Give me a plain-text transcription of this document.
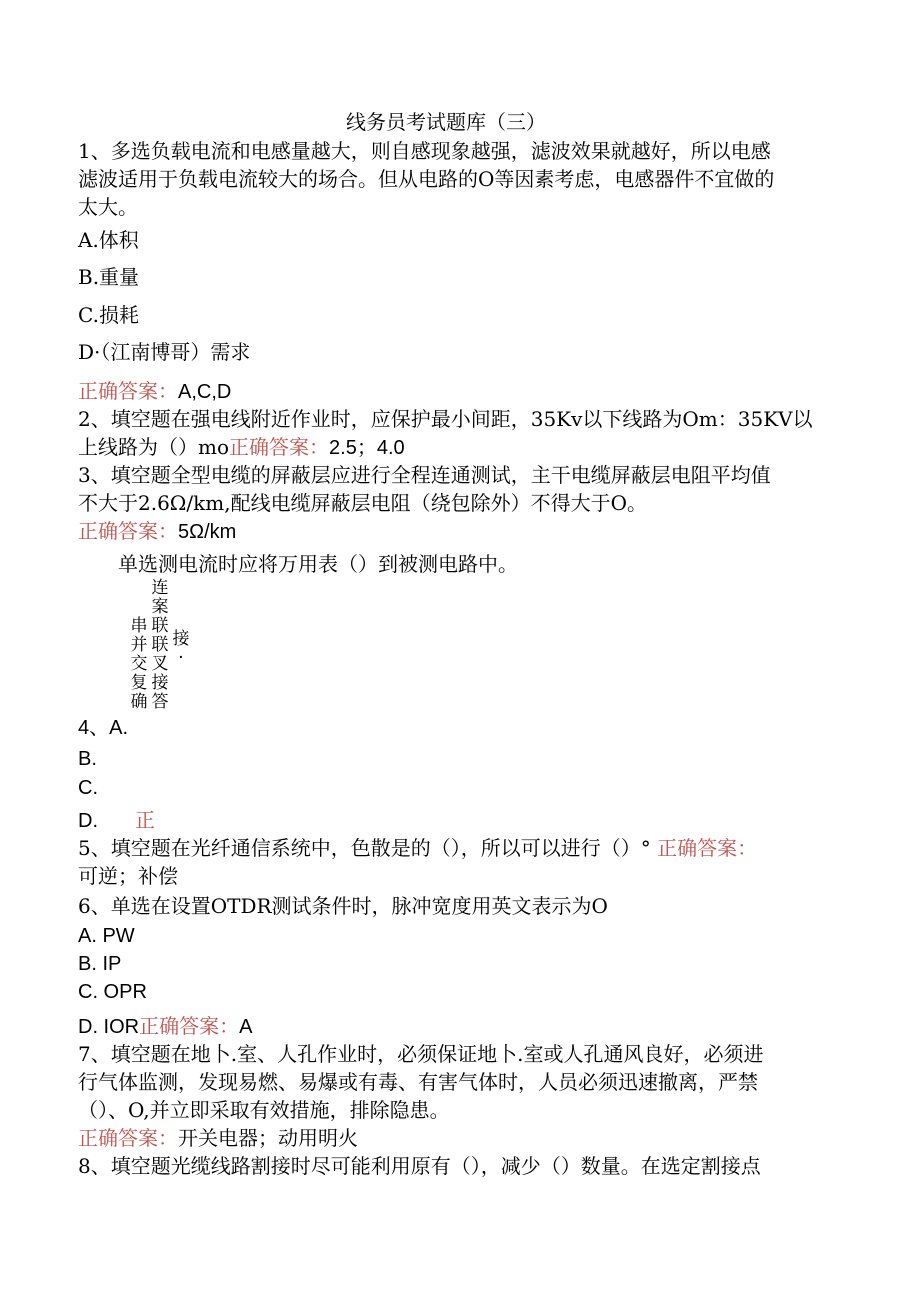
线务员考试题库（三）
1、多选负载电流和电感量越大，则自感现象越强，滤波效果就越好，所以电感
滤波适用于负载电流较大的场合。但从电路的O等因素考虑，电感器件不宜做的
太大。
A.体积
B.重量
C.损耗
D·（江南博哥）需求
正确答案：A,C,D
2、填空题在强电线附近作业时，应保护最小间距，35Kv以下线路为Om：35KV以
上线路为（）mo正确答案：2.5；4.0
3、填空题全型电缆的屏蔽层应进行全程连通测试，主干电缆屏蔽层电阻平均值
不大于2.6Ω/km,配线电缆屏蔽层电阻（绕包除外）不得大于O。
正确答案：5Ω/km
单选测电流时应将万用表（）到被测电路中。
串
并
交
复
确
连
案
联
联
叉
接
答
接
·
4、A.
B.
C.
D. 正
5、填空题在光纤通信系统中，色散是的（），所以可以进行（）° 正确答案：
可逆；补偿
6、单选在设置OTDR测试条件时，脉冲宽度用英文表示为O
A. PW
B. IP
C. OPR
D. IOR正确答案：A
7、填空题在地卜.室、人孔作业时，必须保证地卜.室或人孔通风良好，必须进
行气体监测，发现易燃、易爆或有毒、有害气体时，人员必须迅速撤离，严禁
（）、O,并立即采取有效措施，排除隐患。
正确答案：开关电器；动用明火
8、填空题光缆线路割接时尽可能利用原有（），减少（）数量。在选定割接点
